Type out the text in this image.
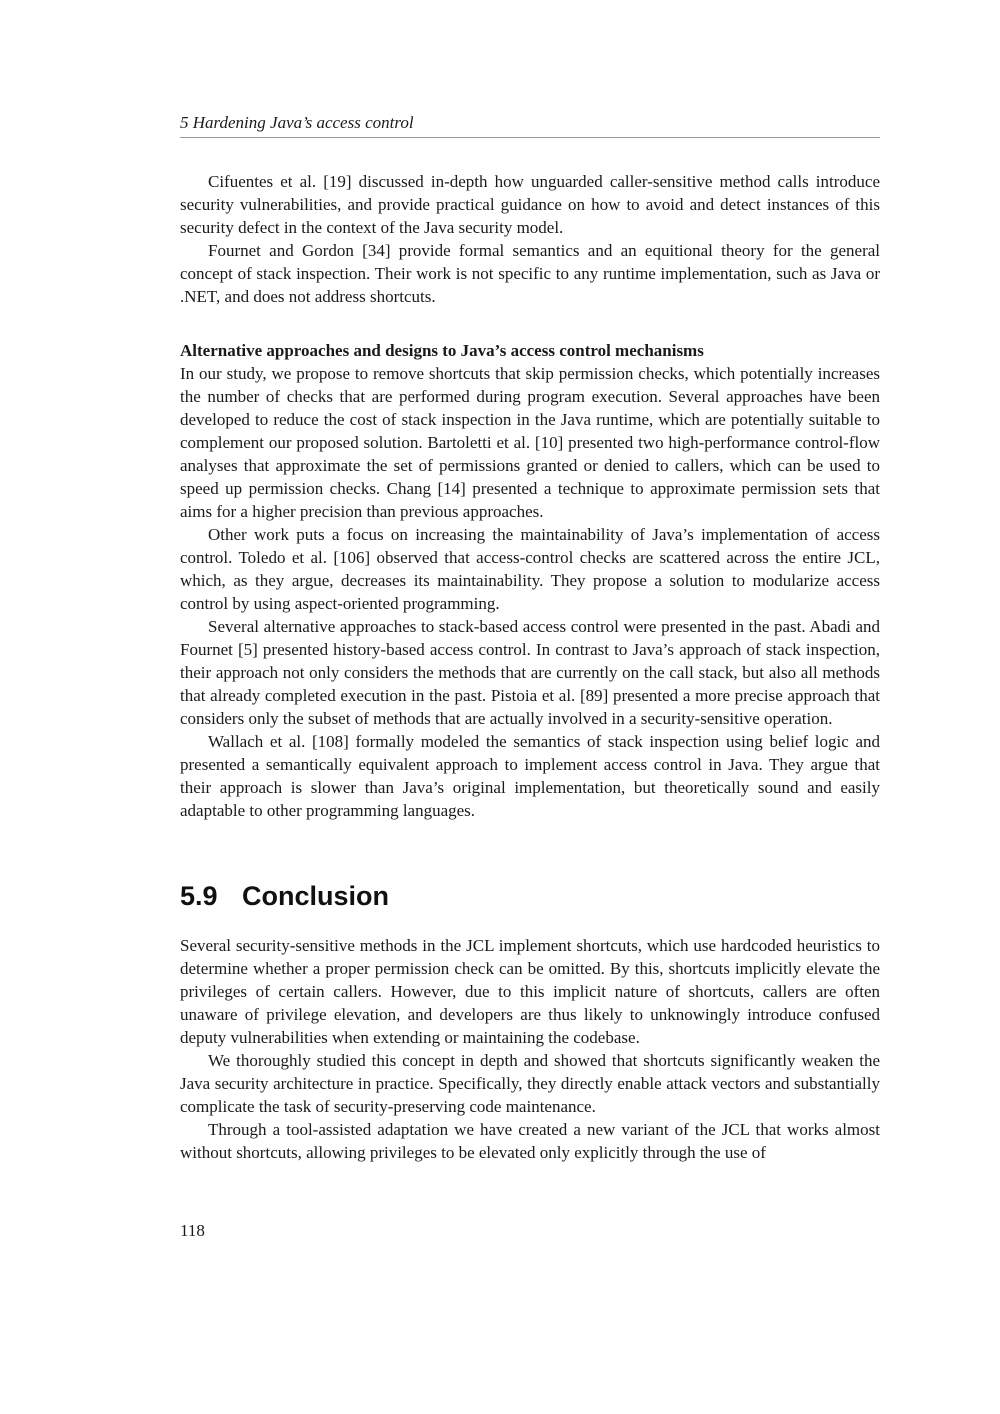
5 Hardening Java’s access control

Cifuentes et al. [19] discussed in-depth how unguarded caller-sensitive method calls introduce security vulnerabilities, and provide practical guidance on how to avoid and detect instances of this security defect in the context of the Java security model.

Fournet and Gordon [34] provide formal semantics and an equitional theory for the general concept of stack inspection. Their work is not specific to any runtime implementation, such as Java or .NET, and does not address shortcuts.

Alternative approaches and designs to Java’s access control mechanisms

In our study, we propose to remove shortcuts that skip permission checks, which potentially increases the number of checks that are performed during program execution. Several approaches have been developed to reduce the cost of stack inspection in the Java runtime, which are potentially suitable to complement our proposed solution. Bartoletti et al. [10] presented two high-performance control-flow analyses that approximate the set of permissions granted or denied to callers, which can be used to speed up permission checks. Chang [14] presented a technique to approximate permission sets that aims for a higher precision than previous approaches.

Other work puts a focus on increasing the maintainability of Java’s implementation of access control. Toledo et al. [106] observed that access-control checks are scattered across the entire JCL, which, as they argue, decreases its maintainability. They propose a solution to modularize access control by using aspect-oriented programming.

Several alternative approaches to stack-based access control were presented in the past. Abadi and Fournet [5] presented history-based access control. In contrast to Java’s approach of stack inspection, their approach not only considers the methods that are currently on the call stack, but also all methods that already completed execution in the past. Pistoia et al. [89] presented a more precise approach that considers only the subset of methods that are actually involved in a security-sensitive operation.

Wallach et al. [108] formally modeled the semantics of stack inspection using belief logic and presented a semantically equivalent approach to implement access control in Java. They argue that their approach is slower than Java’s original implementation, but theoretically sound and easily adaptable to other programming languages.

5.9 Conclusion

Several security-sensitive methods in the JCL implement shortcuts, which use hardcoded heuristics to determine whether a proper permission check can be omitted. By this, shortcuts implicitly elevate the privileges of certain callers. However, due to this implicit nature of shortcuts, callers are often unaware of privilege elevation, and developers are thus likely to unknowingly introduce confused deputy vulnerabilities when extending or maintaining the codebase.

We thoroughly studied this concept in depth and showed that shortcuts significantly weaken the Java security architecture in practice. Specifically, they directly enable attack vectors and substantially complicate the task of security-preserving code maintenance.

Through a tool-assisted adaptation we have created a new variant of the JCL that works almost without shortcuts, allowing privileges to be elevated only explicitly through the use of

118
